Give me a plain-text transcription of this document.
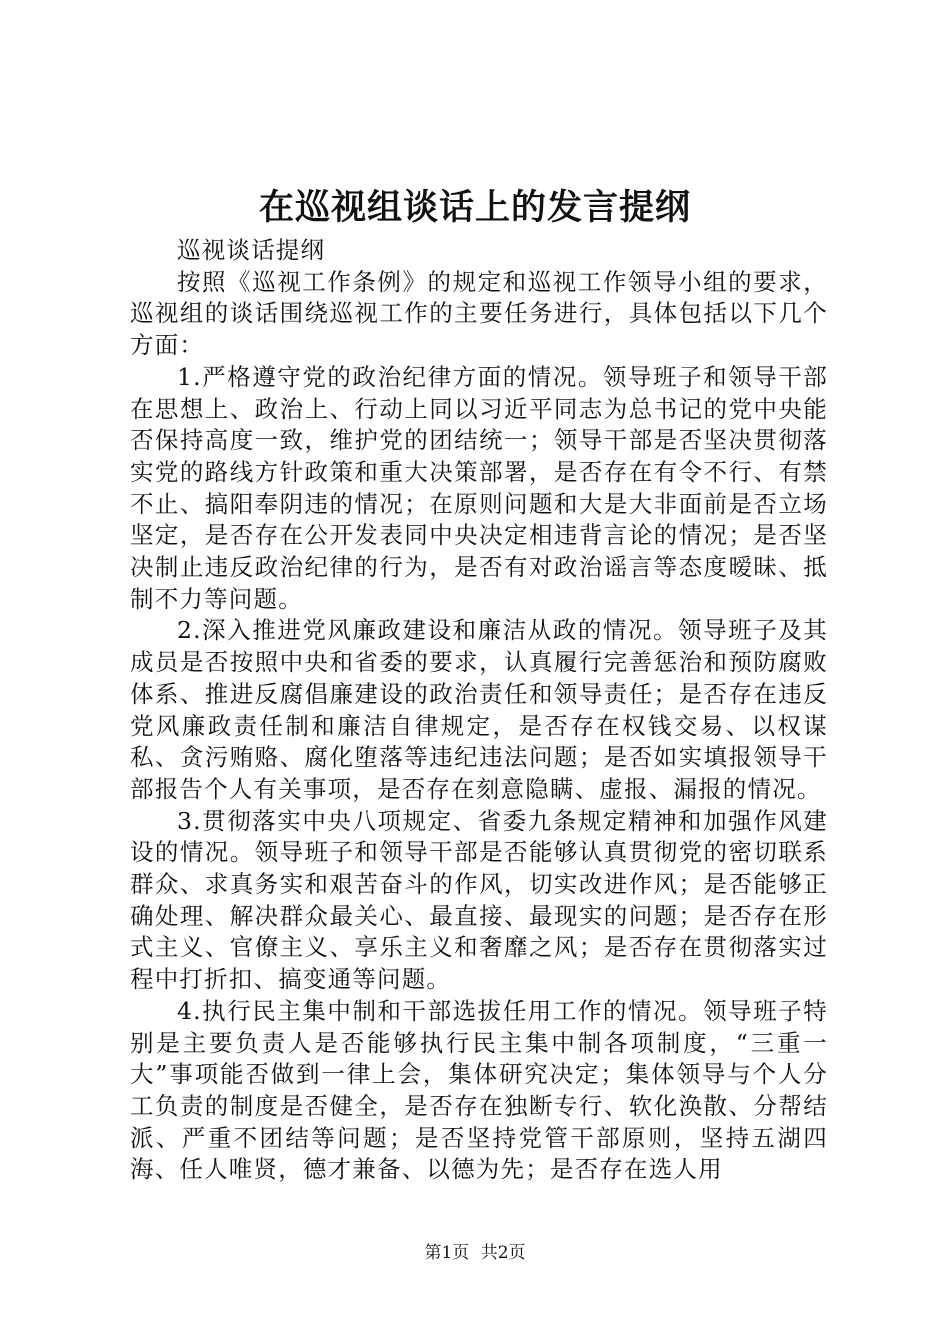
在巡视组谈话上的发言提纲

巡视谈话提纲

按照《巡视工作条例》的规定和巡视工作领导小组的要求，巡视组的谈话围绕巡视工作的主要任务进行，具体包括以下几个方面：

1.严格遵守党的政治纪律方面的情况。领导班子和领导干部在思想上、政治上、行动上同以习近平同志为总书记的党中央能否保持高度一致，维护党的团结统一；领导干部是否坚决贯彻落实党的路线方针政策和重大决策部署，是否存在有令不行、有禁不止、搞阳奉阴违的情况；在原则问题和大是大非面前是否立场坚定，是否存在公开发表同中央决定相违背言论的情况；是否坚决制止违反政治纪律的行为，是否有对政治谣言等态度暧昧、抵制不力等问题。

2.深入推进党风廉政建设和廉洁从政的情况。领导班子及其成员是否按照中央和省委的要求，认真履行完善惩治和预防腐败体系、推进反腐倡廉建设的政治责任和领导责任；是否存在违反党风廉政责任制和廉洁自律规定，是否存在权钱交易、以权谋私、贪污贿赂、腐化堕落等违纪违法问题；是否如实填报领导干部报告个人有关事项，是否存在刻意隐瞒、虚报、漏报的情况。

3.贯彻落实中央八项规定、省委九条规定精神和加强作风建设的情况。领导班子和领导干部是否能够认真贯彻党的密切联系群众、求真务实和艰苦奋斗的作风，切实改进作风；是否能够正确处理、解决群众最关心、最直接、最现实的问题；是否存在形式主义、官僚主义、享乐主义和奢靡之风；是否存在贯彻落实过程中打折扣、搞变通等问题。

4.执行民主集中制和干部选拔任用工作的情况。领导班子特别是主要负责人是否能够执行民主集中制各项制度，“三重一大”事项能否做到一律上会，集体研究决定；集体领导与个人分工负责的制度是否健全，是否存在独断专行、软化涣散、分帮结派、严重不团结等问题；是否坚持党管干部原则，坚持五湖四海、任人唯贤，德才兼备、以德为先；是否存在选人用

第1页 共2页
